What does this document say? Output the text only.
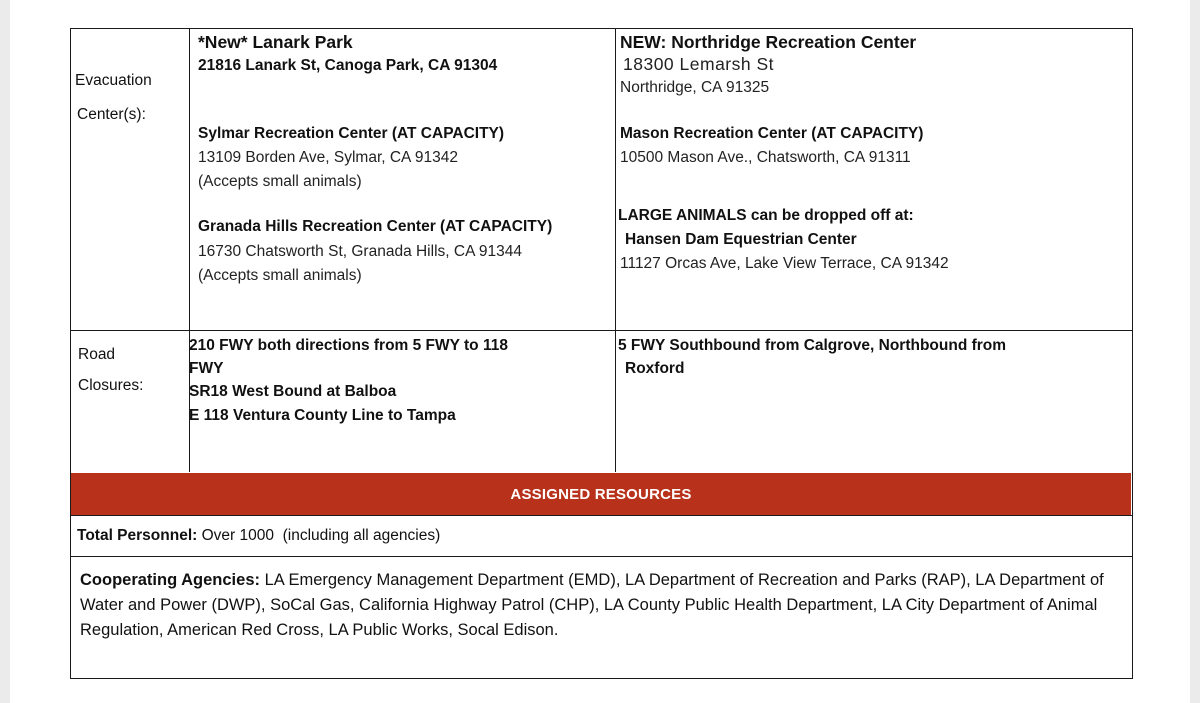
Evacuation
Center(s):
*New* Lanark Park
21816 Lanark St, Canoga Park, CA 91304
Sylmar Recreation Center (AT CAPACITY)
13109 Borden Ave, Sylmar, CA 91342
(Accepts small animals)
Granada Hills Recreation Center (AT CAPACITY)
16730 Chatsworth St, Granada Hills, CA 91344
(Accepts small animals)
NEW: Northridge Recreation Center
18300 Lemarsh St
Northridge, CA 91325
Mason Recreation Center (AT CAPACITY)
10500 Mason Ave., Chatsworth, CA 91311
LARGE ANIMALS can be dropped off at:
Hansen Dam Equestrian Center
11127 Orcas Ave, Lake View Terrace, CA 91342
Road
Closures:
210 FWY both directions from 5 FWY to 118
FWY
SR18 West Bound at Balboa
E 118 Ventura County Line to Tampa
5 FWY Southbound from Calgrove, Northbound from
Roxford
ASSIGNED RESOURCES
Total Personnel: Over 1000  (including all agencies)
Cooperating Agencies: LA Emergency Management Department (EMD), LA Department of Recreation and Parks (RAP), LA Department of Water and Power (DWP), SoCal Gas, California Highway Patrol (CHP), LA County Public Health Department, LA City Department of Animal Regulation, American Red Cross, LA Public Works, Socal Edison.
